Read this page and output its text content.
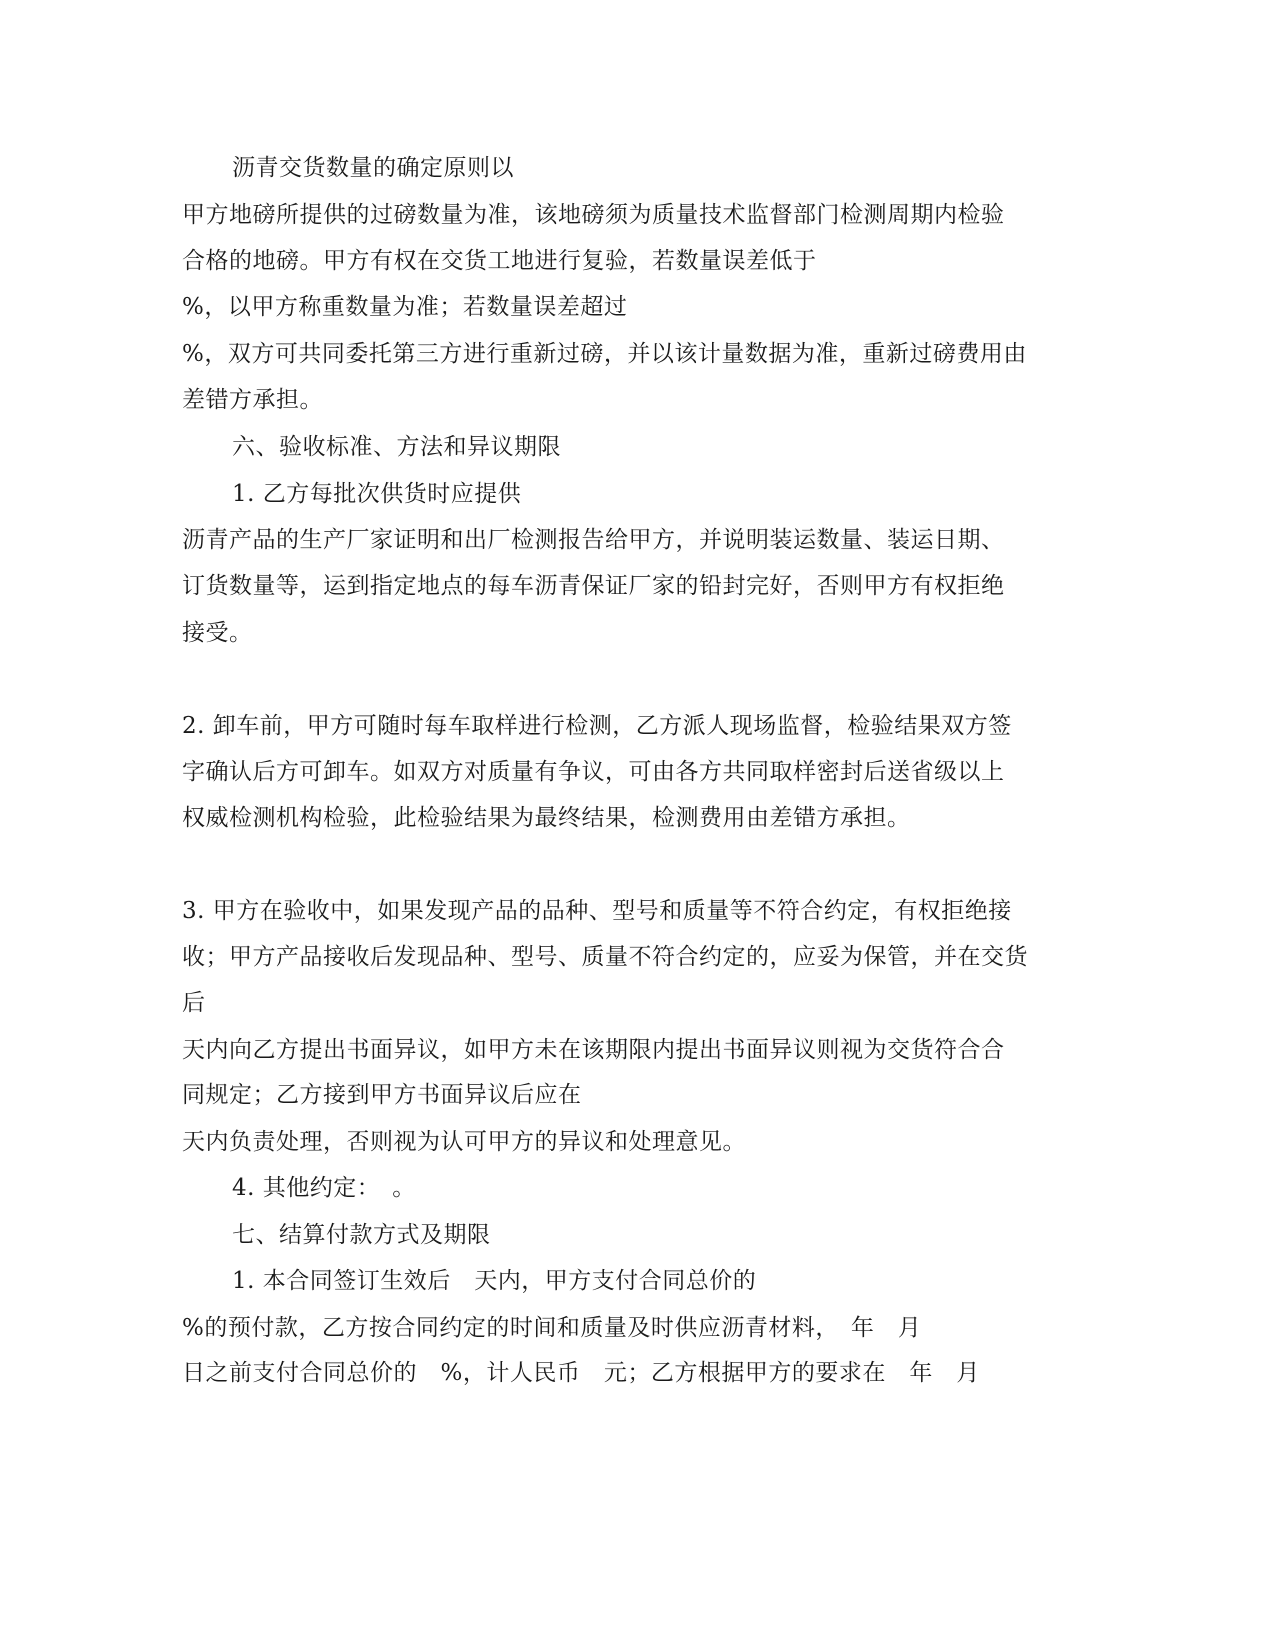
沥青交货数量的确定原则以
甲方地磅所提供的过磅数量为准，该地磅须为质量技术监督部门检测周期内检验
合格的地磅。甲方有权在交货工地进行复验，若数量误差低于
%，以甲方称重数量为准；若数量误差超过
%，双方可共同委托第三方进行重新过磅，并以该计量数据为准，重新过磅费用由
差错方承担。
六、验收标准、方法和异议期限
1. 乙方每批次供货时应提供
沥青产品的生产厂家证明和出厂检测报告给甲方，并说明装运数量、装运日期、
订货数量等，运到指定地点的每车沥青保证厂家的铅封完好，否则甲方有权拒绝
接受。
2. 卸车前，甲方可随时每车取样进行检测，乙方派人现场监督，检验结果双方签
字确认后方可卸车。如双方对质量有争议，可由各方共同取样密封后送省级以上
权威检测机构检验，此检验结果为最终结果，检测费用由差错方承担。
3. 甲方在验收中，如果发现产品的品种、型号和质量等不符合约定，有权拒绝接
收；甲方产品接收后发现品种、型号、质量不符合约定的，应妥为保管，并在交货
后
天内向乙方提出书面异议，如甲方未在该期限内提出书面异议则视为交货符合合
同规定；乙方接到甲方书面异议后应在
天内负责处理，否则视为认可甲方的异议和处理意见。
4. 其他约定：　。
七、结算付款方式及期限
1. 本合同签订生效后　天内，甲方支付合同总价的
%的预付款，乙方按合同约定的时间和质量及时供应沥青材料，　年　月
日之前支付合同总价的　%，计人民币　元；乙方根据甲方的要求在　年　月
